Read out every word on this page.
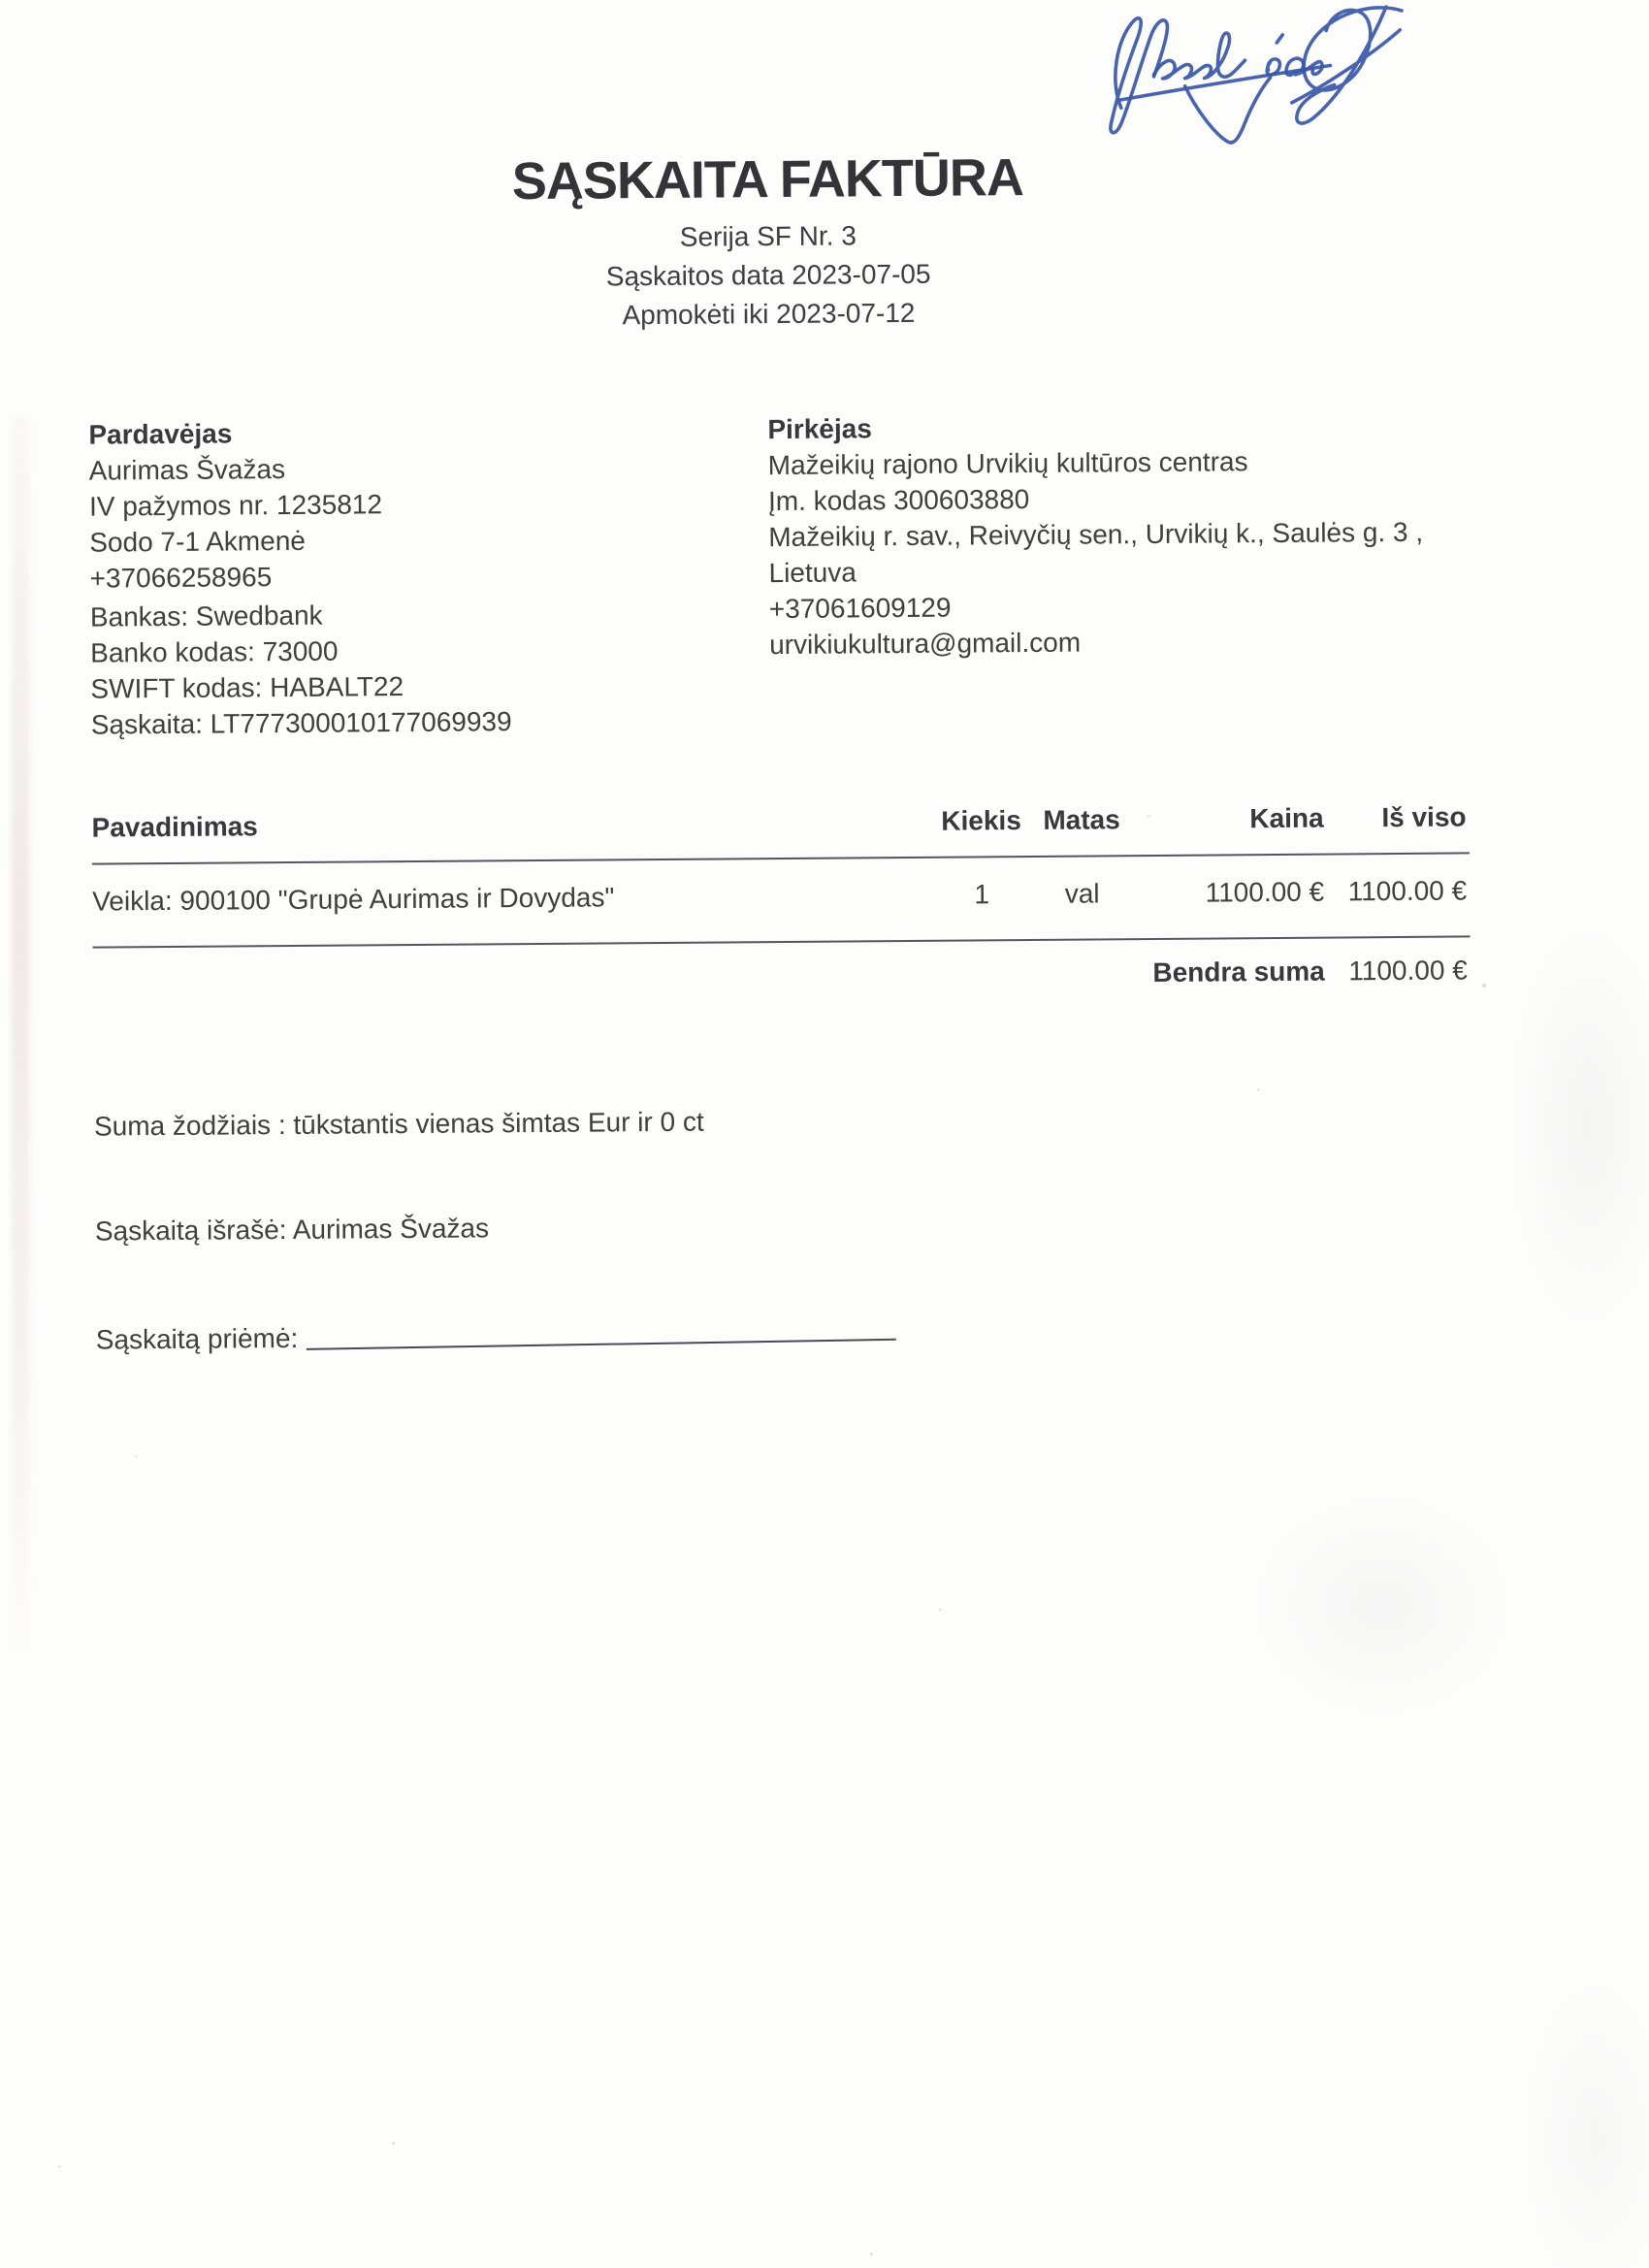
SĄSKAITA FAKTŪRA
Serija SF Nr. 3
Sąskaitos data 2023-07-05
Apmokėti iki 2023-07-12
Pardavėjas
Aurimas Švažas
IV pažymos nr. 1235812
Sodo 7-1 Akmenė
+37066258965
Bankas: Swedbank
Banko kodas: 73000
SWIFT kodas: HABALT22
Sąskaita: LT777300010177069939
Pirkėjas
Mažeikių rajono Urvikių kultūros centras
Įm. kodas 300603880
Mažeikių r. sav., Reivyčių sen., Urvikių k., Saulės g. 3 , Lietuva
+37061609129
urvikiukultura@gmail.com
Pavadinimas	Kiekis Matas	Kaina	Iš viso
Veikla: 900100 "Grupė Aurimas ir Dovydas"	1	val	1100.00 € 1100.00 €
Bendra suma 1100.00 €
Suma žodžiais : tūkstantis vienas šimtas Eur ir 0 ct
Sąskaitą išrašė: Aurimas Švažas
Sąskaitą priėmė:
